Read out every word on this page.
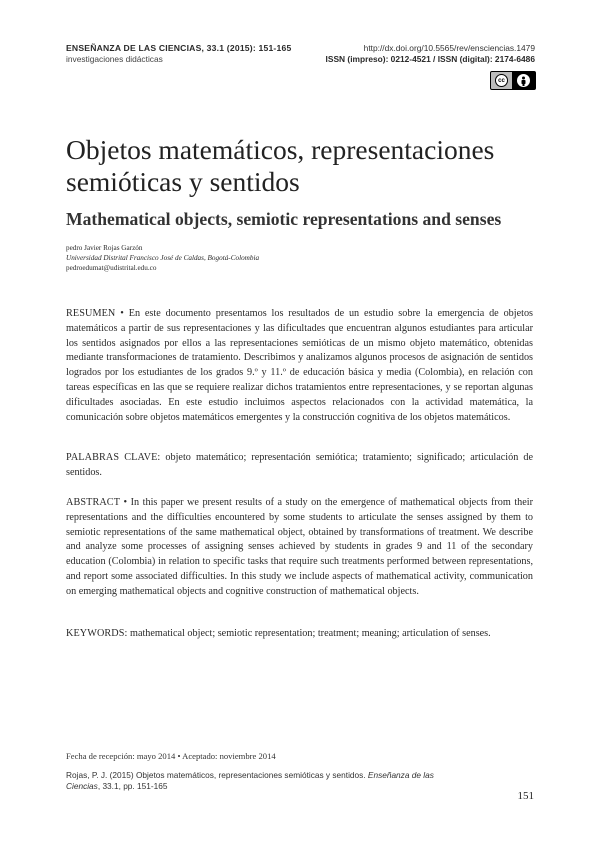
ENSEÑANZA DE LAS CIENCIAS, 33.1 (2015): 151-165
investigaciones didácticas
http://dx.doi.org/10.5565/rev/ensciencias.1479
ISSN (impreso): 0212-4521 / ISSN (digital): 2174-6486
cc
Objetos matemáticos, representaciones semióticas y sentidos
Mathematical objects, semiotic representations and senses
pedro Javier Rojas Garzón
Universidad Distrital Francisco José de Caldas, Bogotá-Colombia
pedroedumat@udistrital.edu.co
RESUMEN • En este documento presentamos los resultados de un estudio sobre la emergencia de objetos matemáticos a partir de sus representaciones y las dificultades que encuentran algunos estudiantes para articular los sentidos asignados por ellos a las representaciones semióticas de un mismo objeto matemático, obtenidas mediante transformaciones de tratamiento. Describimos y analizamos algunos procesos de asignación de sentidos logrados por los estudiantes de los grados 9.º y 11.º de educación básica y media (Colombia), en relación con tareas específicas en las que se requiere realizar dichos tratamientos entre representaciones, y se reportan algunas dificultades asociadas. En este estudio incluimos aspectos relacionados con la actividad matemática, la comunicación sobre objetos matemáticos emergentes y la construcción cognitiva de los objetos matemáticos.
PALABRAS CLAVE: objeto matemático; representación semiótica; tratamiento; significado; articulación de sentidos.
ABSTRACT • In this paper we present results of a study on the emergence of mathematical objects from their representations and the difficulties encountered by some students to articulate the senses assigned by them to semiotic representations of the same mathematical object, obtained by transformations of treatment. We describe and analyze some processes of assigning senses achieved by students in grades 9 and 11 of the secondary education (Colombia) in relation to specific tasks that require such treatments performed between representations, and report some associated difficulties. In this study we include aspects of mathematical activity, communication on emerging mathematical objects and cognitive construction of mathematical objects.
KEYWORDS: mathematical object; semiotic representation; treatment; meaning; articulation of senses.
Fecha de recepción: mayo 2014 • Aceptado: noviembre 2014
Rojas, P. J. (2015) Objetos matemáticos, representaciones semióticas y sentidos. Enseñanza de las Ciencias, 33.1, pp. 151-165
151
